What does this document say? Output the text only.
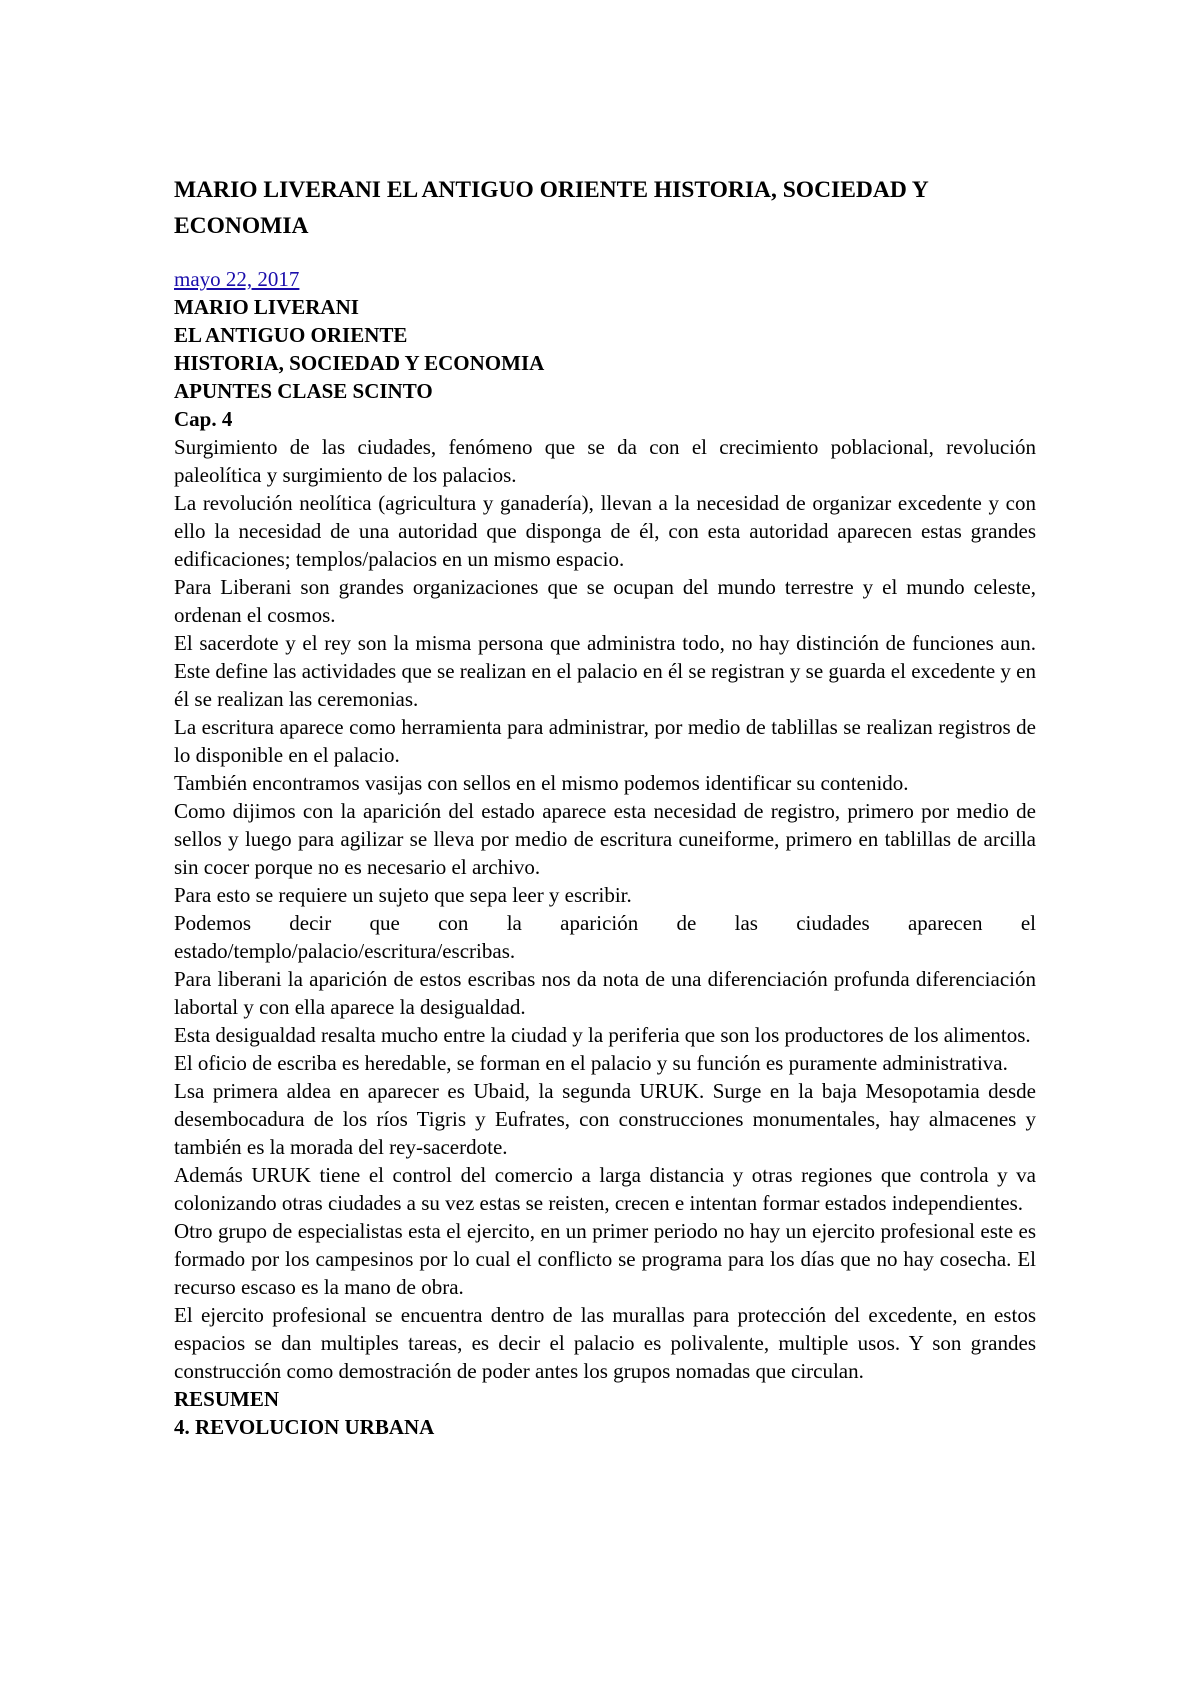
MARIO LIVERANI EL ANTIGUO ORIENTE HISTORIA, SOCIEDAD Y ECONOMIA
mayo 22, 2017
MARIO LIVERANI
EL ANTIGUO ORIENTE
HISTORIA, SOCIEDAD Y ECONOMIA
APUNTES CLASE SCINTO
Cap. 4

Surgimiento de las ciudades, fenómeno que se da con el crecimiento poblacional, revolución paleolítica y surgimiento de los palacios.

La revolución neolítica (agricultura y ganadería), llevan a la necesidad de organizar excedente y con ello la necesidad de una autoridad que disponga de él, con esta autoridad aparecen estas grandes edificaciones; templos/palacios en un mismo espacio.

Para Liberani son grandes organizaciones que se ocupan del mundo terrestre y el mundo celeste, ordenan el cosmos.

El sacerdote y el rey son la misma persona que administra todo, no hay distinción de funciones aun. Este define las actividades que se realizan en el palacio en él se registran y se guarda el excedente y en él se realizan las ceremonias.

La escritura aparece como herramienta para administrar, por medio de tablillas se realizan registros de lo disponible en el palacio.

También encontramos vasijas con sellos en el mismo podemos identificar su contenido.

Como dijimos con la aparición del estado aparece esta necesidad de registro, primero por medio de sellos y luego para agilizar se lleva por medio de escritura cuneiforme, primero en tablillas de arcilla sin cocer porque no es necesario el archivo.

Para esto se requiere un sujeto que sepa leer y escribir.

Podemos decir que con la aparición de las ciudades aparecen el estado/templo/palacio/escritura/escribas.

Para liberani la aparición de estos escribas nos da nota de una diferenciación profunda diferenciación labortal y con ella aparece la desigualdad.

Esta desigualdad resalta mucho entre la ciudad y la periferia que son los productores de los alimentos.

El oficio de escriba es heredable, se forman en el palacio y su función es puramente administrativa.

Lsa primera aldea en aparecer es Ubaid, la segunda URUK. Surge en la baja Mesopotamia desde desembocadura de los ríos Tigris y Eufrates, con construcciones monumentales, hay almacenes y también es la morada del rey-sacerdote.

Además URUK tiene el control del comercio a larga distancia y otras regiones que controla y va colonizando otras ciudades a su vez estas se reisten, crecen e intentan formar estados independientes.

Otro grupo de especialistas esta el ejercito, en un primer periodo no hay un ejercito profesional este es formado por los campesinos por lo cual el conflicto se programa para los días que no hay cosecha. El recurso escaso es la mano de obra.

El ejercito profesional se encuentra dentro de las murallas para protección del excedente, en estos espacios se dan multiples tareas, es decir el palacio es polivalente, multiple usos. Y son grandes construcción como demostración de poder antes los grupos nomadas que circulan.

RESUMEN
4. REVOLUCION URBANA
